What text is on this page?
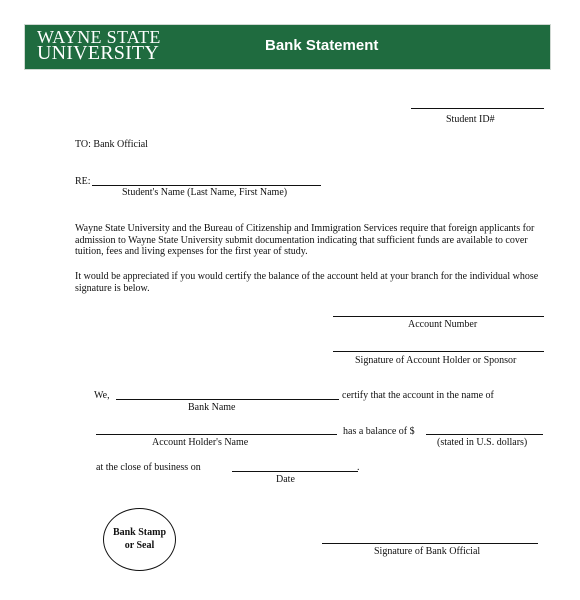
WAYNE STATE
UNIVERSITY	Bank Statement
Student ID#
TO: Bank Official
RE:
Student's Name (Last Name, First Name)
Wayne State University and the Bureau of Citizenship and Immigration Services require that foreign applicants for admission to Wayne State University submit documentation indicating that sufficient funds are available to cover tuition, fees and living expenses for the first year of study.
It would be appreciated if you would certify the balance of the account held at your branch for the individual whose signature is below.
Account Number
Signature of Account Holder or Sponsor
We,	certify that the account in the name of
Bank Name
has a balance of $
Account Holder's Name	(stated in U.S. dollars)
at the close of business on	.
Date
Bank Stamp
or Seal
Signature of Bank Official
